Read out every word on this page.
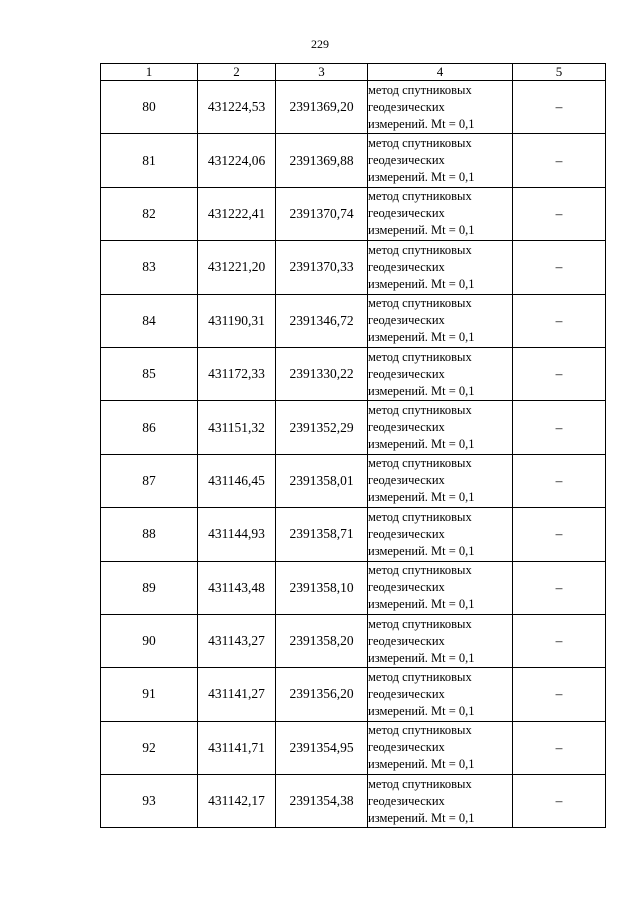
229
1	2	3	4	5
80	431224,53	2391369,20	метод спутниковых
геодезических
измерений. Mt = 0,1	–
81	431224,06	2391369,88	метод спутниковых
геодезических
измерений. Mt = 0,1	–
82	431222,41	2391370,74	метод спутниковых
геодезических
измерений. Mt = 0,1	–
83	431221,20	2391370,33	метод спутниковых
геодезических
измерений. Mt = 0,1	–
84	431190,31	2391346,72	метод спутниковых
геодезических
измерений. Mt = 0,1	–
85	431172,33	2391330,22	метод спутниковых
геодезических
измерений. Mt = 0,1	–
86	431151,32	2391352,29	метод спутниковых
геодезических
измерений. Mt = 0,1	–
87	431146,45	2391358,01	метод спутниковых
геодезических
измерений. Mt = 0,1	–
88	431144,93	2391358,71	метод спутниковых
геодезических
измерений. Mt = 0,1	–
89	431143,48	2391358,10	метод спутниковых
геодезических
измерений. Mt = 0,1	–
90	431143,27	2391358,20	метод спутниковых
геодезических
измерений. Mt = 0,1	–
91	431141,27	2391356,20	метод спутниковых
геодезических
измерений. Mt = 0,1	–
92	431141,71	2391354,95	метод спутниковых
геодезических
измерений. Mt = 0,1	–
93	431142,17	2391354,38	метод спутниковых
геодезических
измерений. Mt = 0,1	–
